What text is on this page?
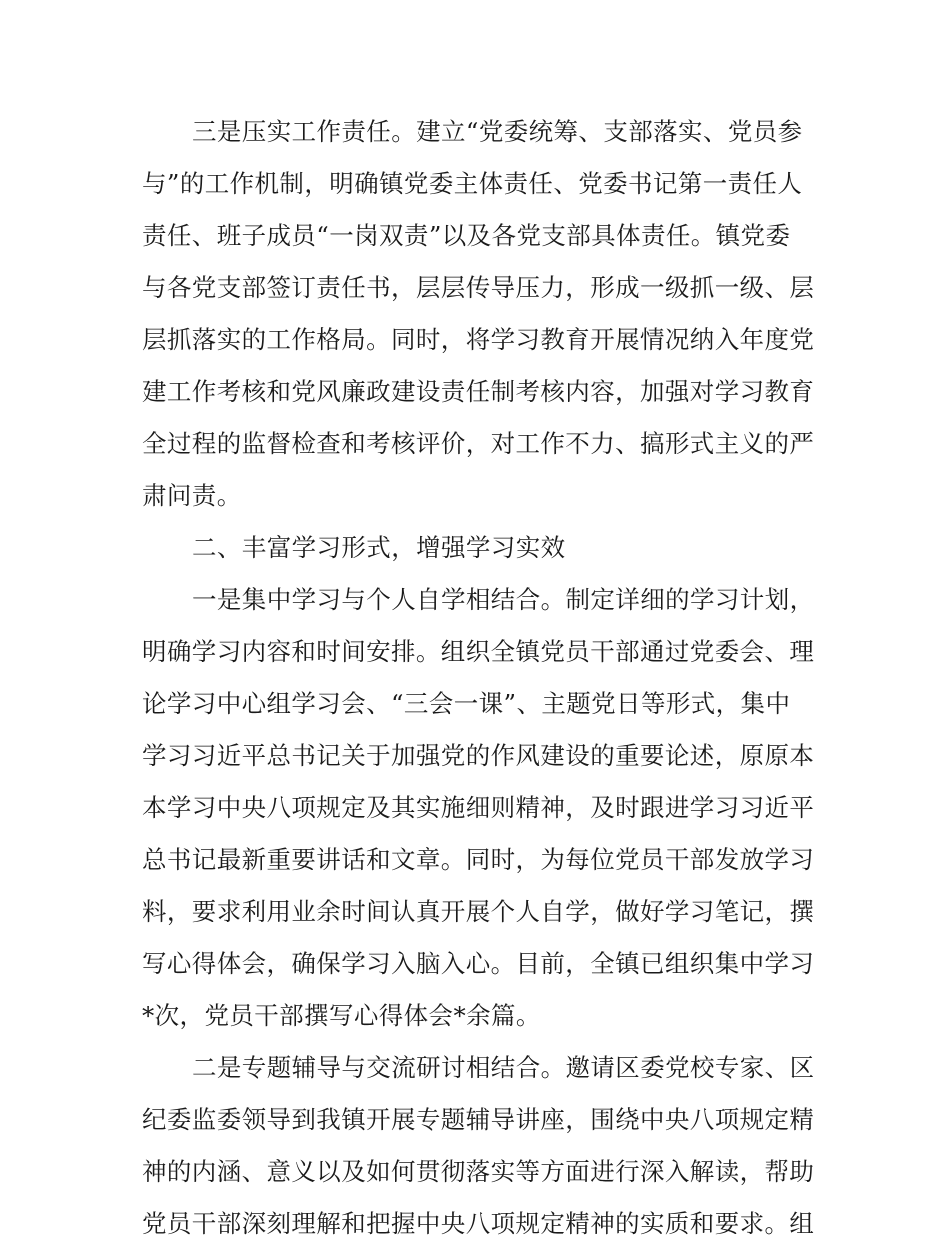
三是压实工作责任。建立“党委统筹、支部落实、党员参
与”的工作机制，明确镇党委主体责任、党委书记第一责任人
责任、班子成员“一岗双责”以及各党支部具体责任。镇党委
与各党支部签订责任书，层层传导压力，形成一级抓一级、层
层抓落实的工作格局。同时，将学习教育开展情况纳入年度党
建工作考核和党风廉政建设责任制考核内容，加强对学习教育
全过程的监督检查和考核评价，对工作不力、搞形式主义的严
肃问责。
二、丰富学习形式，增强学习实效
一是集中学习与个人自学相结合。制定详细的学习计划，
明确学习内容和时间安排。组织全镇党员干部通过党委会、理
论学习中心组学习会、“三会一课”、主题党日等形式，集中
学习习近平总书记关于加强党的作风建设的重要论述，原原本
本学习中央八项规定及其实施细则精神，及时跟进学习习近平
总书记最新重要讲话和文章。同时，为每位党员干部发放学习
料，要求利用业余时间认真开展个人自学，做好学习笔记，撰
写心得体会，确保学习入脑入心。目前，全镇已组织集中学习
*次，党员干部撰写心得体会*余篇。
二是专题辅导与交流研讨相结合。邀请区委党校专家、区
纪委监委领导到我镇开展专题辅导讲座，围绕中央八项规定精
神的内涵、意义以及如何贯彻落实等方面进行深入解读，帮助
党员干部深刻理解和把握中央八项规定精神的实质和要求。组
